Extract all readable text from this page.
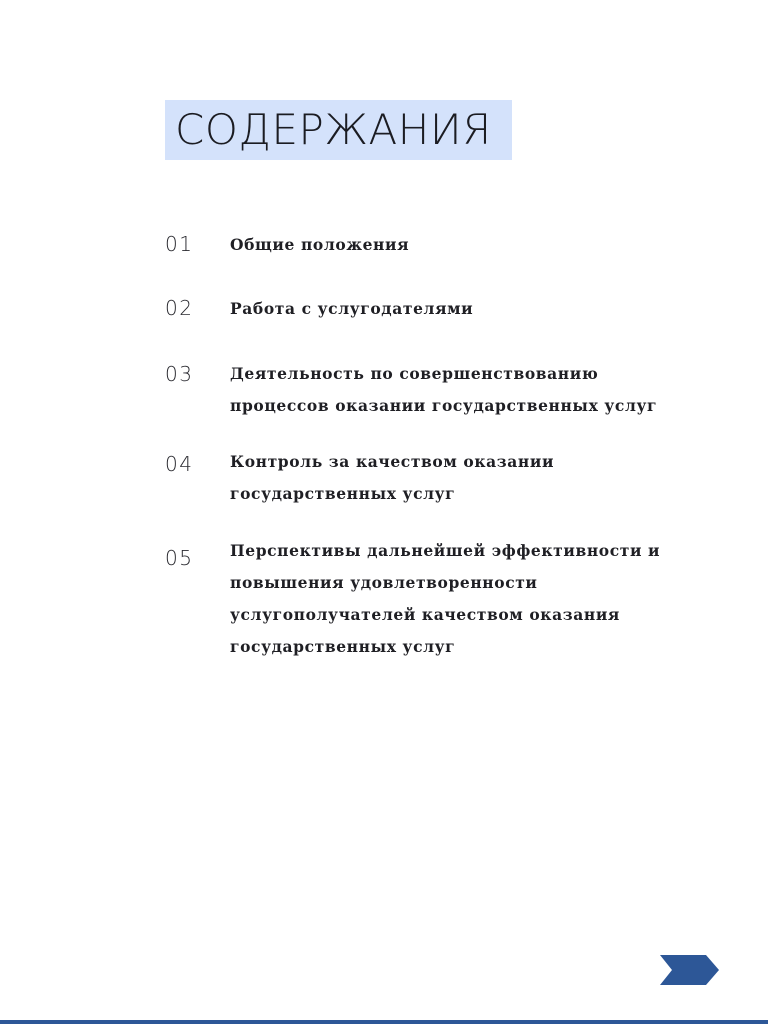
СОДЕРЖАНИЯ
01 Общие положения
02 Работа с услугодателями
03 Деятельность по совершенствованию
процессов оказании государственных услуг
04 Контроль за качеством оказании
государственных услуг
05 Перспективы дальнейшей эффективности и
повышения удовлетворенности
услугополучателей качеством оказания
государственных услуг
